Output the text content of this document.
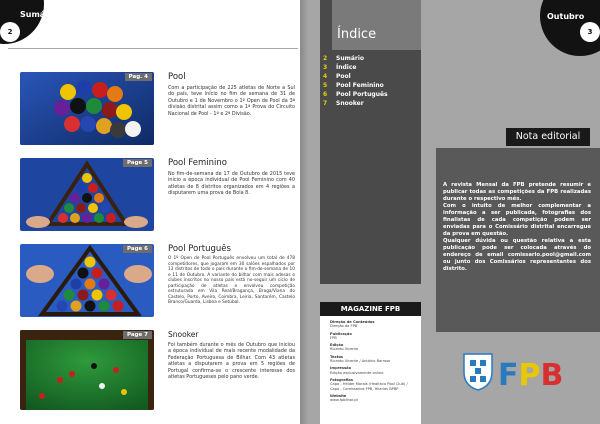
2
Sumário
Pag. 4	Pool
Com a participação de 225 atletas de Norte a Sul do país, teve início no fim de semana de 31 de Outubro e 1 de Novembro o 1º Open de Pool da 3ª divisão distrital assim como a 1ª Prova do Circuito Nacional de Pool - 1ª e 2ª Divisão.
Page 5	Pool Feminino
No fim-de-semana de 17 de Outubro de 2015 teve início a época individual de Pool Feminino com 40 atletas de 8 distritos organizados em 4 regiões a disputarem uma prova de Bola 8.
Page 6	Pool Português
O 1º Open de Pool Português envolveu um total de 478 competidores, que jogaram em 30 salões espalhados por 13 distritos de todo o país durante o fim-de-semana de 10 e 11 de Outubro. A variante do bilhar com mais adesas e clubes inscritos no nosso país está no-seguir um ciclo de participação de atletas e envolveu competição estruturada em Vila Real/Bragança, Braga/Viana do Castelo, Porto, Aveiro, Coimbra, Leiria, Santarém, Castelo Branco/Guarda, Lisboa e Setúbal.
Page 7	Snooker
Foi também durante o mês de Outubro que iniciou a época individual de mais recente modalidade da Federação Portuguesa de Bilhar. Com 43 atletas atletas a disputarem a prova em 5 regiões de Portugal confirma-se o crescente interesse dos atletas Portugueses pelo pano verde.
Índice
2	Sumário
3	Índice
4	Pool
5	Pool Feminino
6	Pool Português
7	Snooker
3
Outubro
Nota editorial

A revista Mensal da FPB pretende resumir e publicar todas as competições da FPB realizadas durante o respectivo mês.

Com o intuito de melhor complementar a informação a ser publicada, fotografias dos finalistas de cada competição podem ser enviadas para o Comissário distrital encarregue da prova em questão.

Qualquer dúvida ou questão relativa a esta publicação pode ser colocada através do endereço de email comissario.pool@gmail.com ou junto dos Comissários representantes dos distrito.

MAGAZINE FPB
Direção de Conteúdos
Direção da FPB
Publicação
FPB
Edição
Ricardo Vicente
Textos
Ricardo Vicente / António Barroso
Impressão
Edição exclusivamente online
Fotografias
Capa - Hélder Morais (Healthco Pool Club) / Capa - Comissários FPB, Hilarias BPBP
Website
www.fpbilhar.pt
FPB
